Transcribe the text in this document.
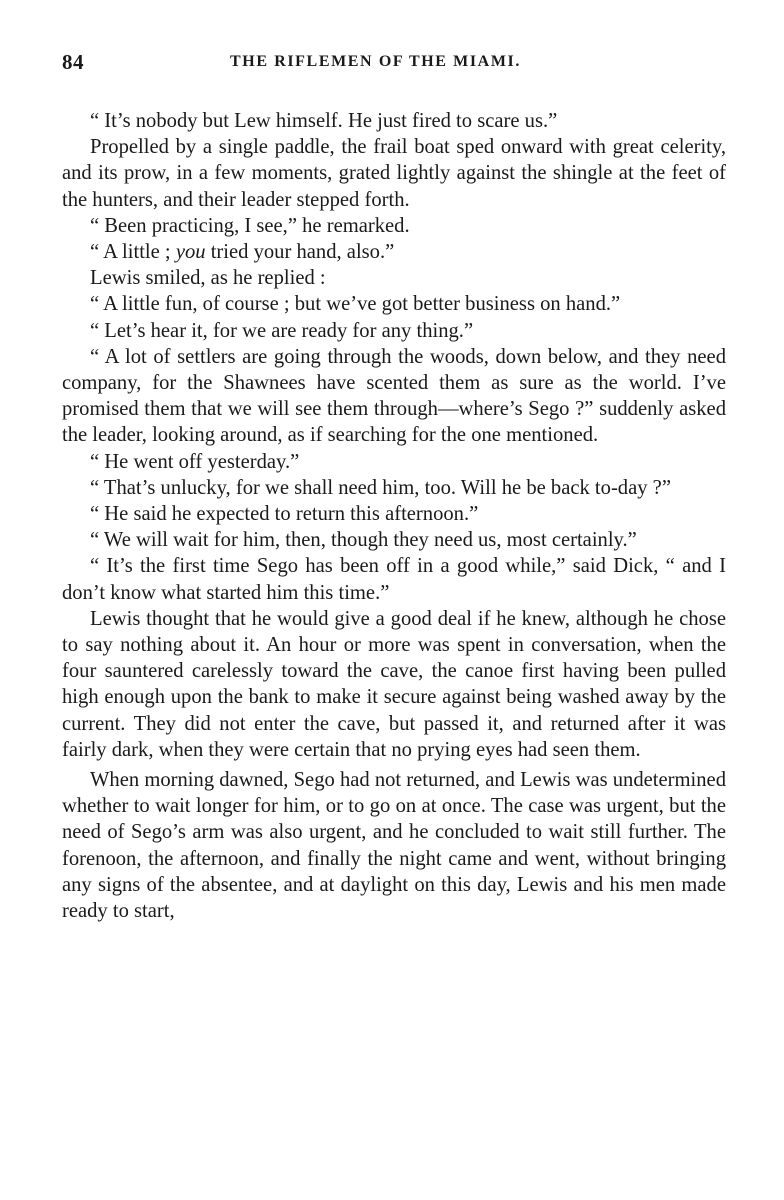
84	THE RIFLEMEN OF THE MIAMI.

“ It’s nobody but Lew himself. He just fired to scare us.”

Propelled by a single paddle, the frail boat sped onward with great celerity, and its prow, in a few moments, grated lightly against the shingle at the feet of the hunters, and their leader stepped forth.

“ Been practicing, I see,” he remarked.

“ A little ; you tried your hand, also.”

Lewis smiled, as he replied :

“ A little fun, of course ; but we’ve got better business on hand.”

“ Let’s hear it, for we are ready for any thing.”

“ A lot of settlers are going through the woods, down below, and they need company, for the Shawnees have scented them as sure as the world. I’ve promised them that we will see them through—where’s Sego ?” suddenly asked the leader, looking around, as if searching for the one mentioned.

“ He went off yesterday.”

“ That’s unlucky, for we shall need him, too. Will he be back to-day ?”

“ He said he expected to return this afternoon.”

“ We will wait for him, then, though they need us, most certainly.”

“ It’s the first time Sego has been off in a good while,” said Dick, “ and I don’t know what started him this time.”

Lewis thought that he would give a good deal if he knew, although he chose to say nothing about it. An hour or more was spent in conversation, when the four sauntered carelessly toward the cave, the canoe first having been pulled high enough upon the bank to make it secure against being washed away by the current. They did not enter the cave, but passed it, and returned after it was fairly dark, when they were certain that no prying eyes had seen them.

When morning dawned, Sego had not returned, and Lewis was undetermined whether to wait longer for him, or to go on at once. The case was urgent, but the need of Sego’s arm was also urgent, and he concluded to wait still further. The forenoon, the afternoon, and finally the night came and went, without bringing any signs of the absentee, and at daylight on this day, Lewis and his men made ready to start,
